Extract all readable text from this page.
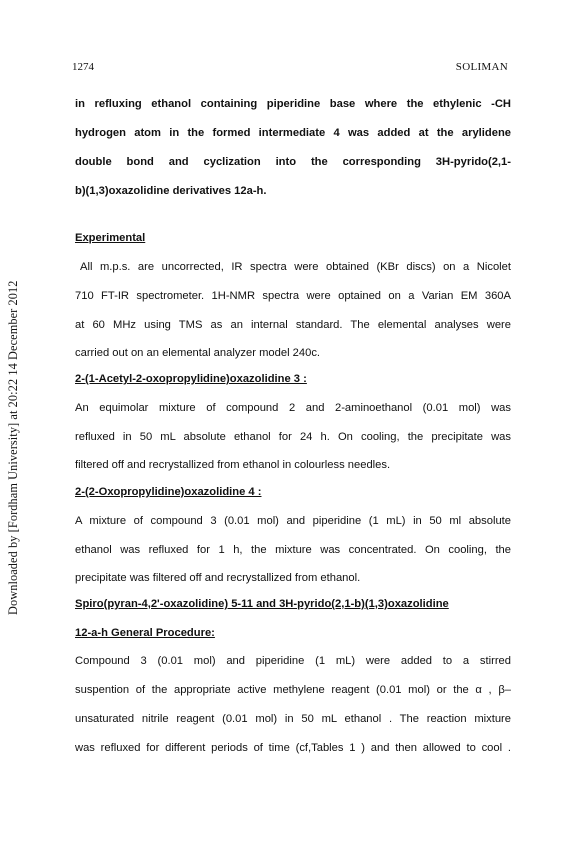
Downloaded by [Fordham University] at 20:22 14 December 2012
1274	SOLIMAN
in refluxing ethanol containing piperidine base where the ethylenic -CH
hydrogen atom in the formed intermediate 4 was added at the arylidene
double bond and cyclization into the corresponding 3H-pyrido(2,1-
b)(1,3)oxazolidine derivatives 12a-h.
Experimental
All m.p.s. are uncorrected, IR spectra were obtained (KBr discs) on a Nicolet
710 FT-IR spectrometer. 1H-NMR spectra were optained on a Varian EM 360A
at 60 MHz using TMS as an internal standard. The elemental analyses were
carried out on an elemental analyzer model 240c.
2-(1-Acetyl-2-oxopropylidine)oxazolidine 3 :
An equimolar mixture of compound 2 and 2-aminoethanol (0.01 mol) was
refluxed in 50 mL absolute ethanol for 24 h. On cooling, the precipitate was
filtered off and recrystallized from ethanol in colourless needles.
2-(2-Oxopropylidine)oxazolidine 4 :
A mixture of compound 3 (0.01 mol) and piperidine (1 mL) in 50 ml absolute
ethanol was refluxed for 1 h, the mixture was concentrated. On cooling, the
precipitate was filtered off and recrystallized from ethanol.
Spiro(pyran-4,2'-oxazolidine) 5-11 and 3H-pyrido(2,1-b)(1,3)oxazolidine
12-a-h General Procedure:
Compound 3 (0.01 mol) and piperidine (1 mL) were added to a stirred
suspention of the appropriate active methylene reagent (0.01 mol) or the α , β–
unsaturated nitrile reagent (0.01 mol) in 50 mL ethanol . The reaction mixture
was refluxed for different periods of time (cf,Tables 1 ) and then allowed to cool .
